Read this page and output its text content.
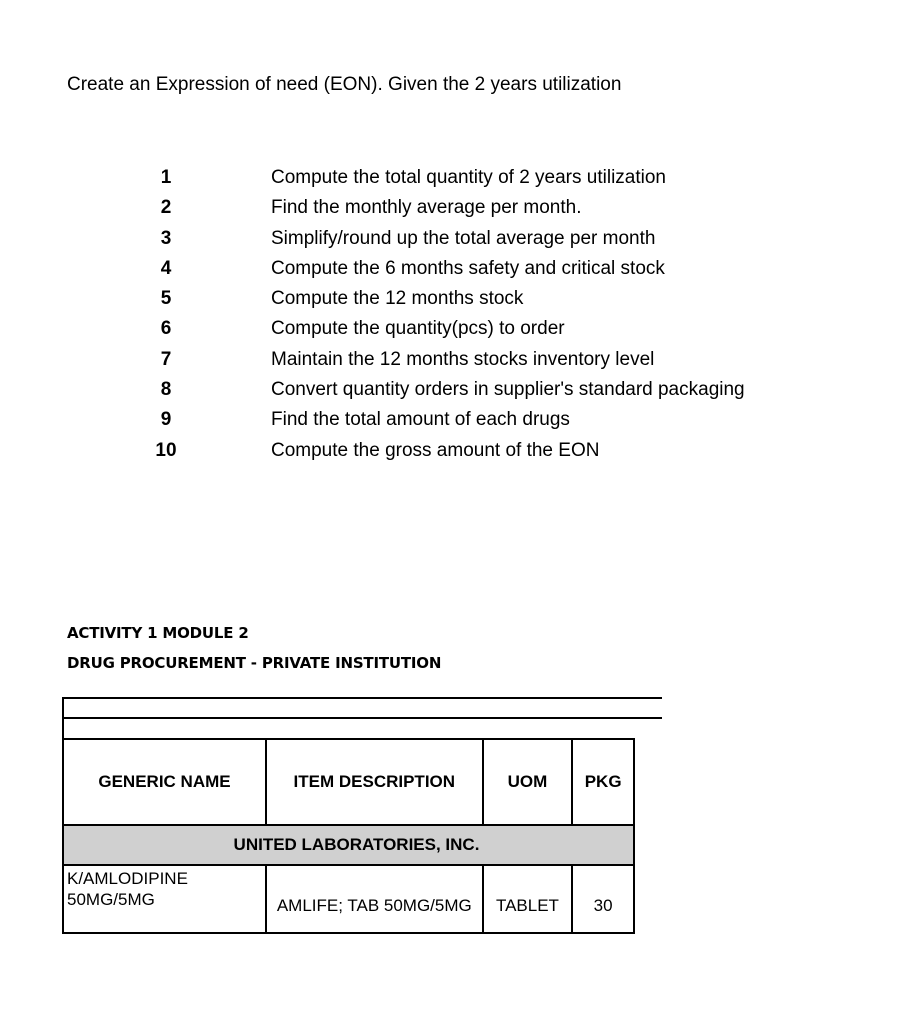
Create an Expression of need (EON). Given the 2 years utilization
1	Compute the total quantity of 2 years utilization
2	Find the monthly average per month.
3	Simplify/round up the total average per month
4	Compute the 6 months safety and critical stock
5	Compute the 12 months stock
6	Compute the quantity(pcs) to order
7	Maintain the 12 months stocks inventory level
8	Convert quantity orders in supplier's standard packaging
9	Find the total amount of each drugs
10	Compute the gross amount of the EON
ACTIVITY 1 MODULE 2
DRUG PROCUREMENT - PRIVATE INSTITUTION
GENERIC NAME	ITEM DESCRIPTION	UOM	PKG
UNITED LABORATORIES, INC.			

K/AMLODIPINE
50MG/5MG	AMLIFE; TAB 50MG/5MG	TABLET	30
